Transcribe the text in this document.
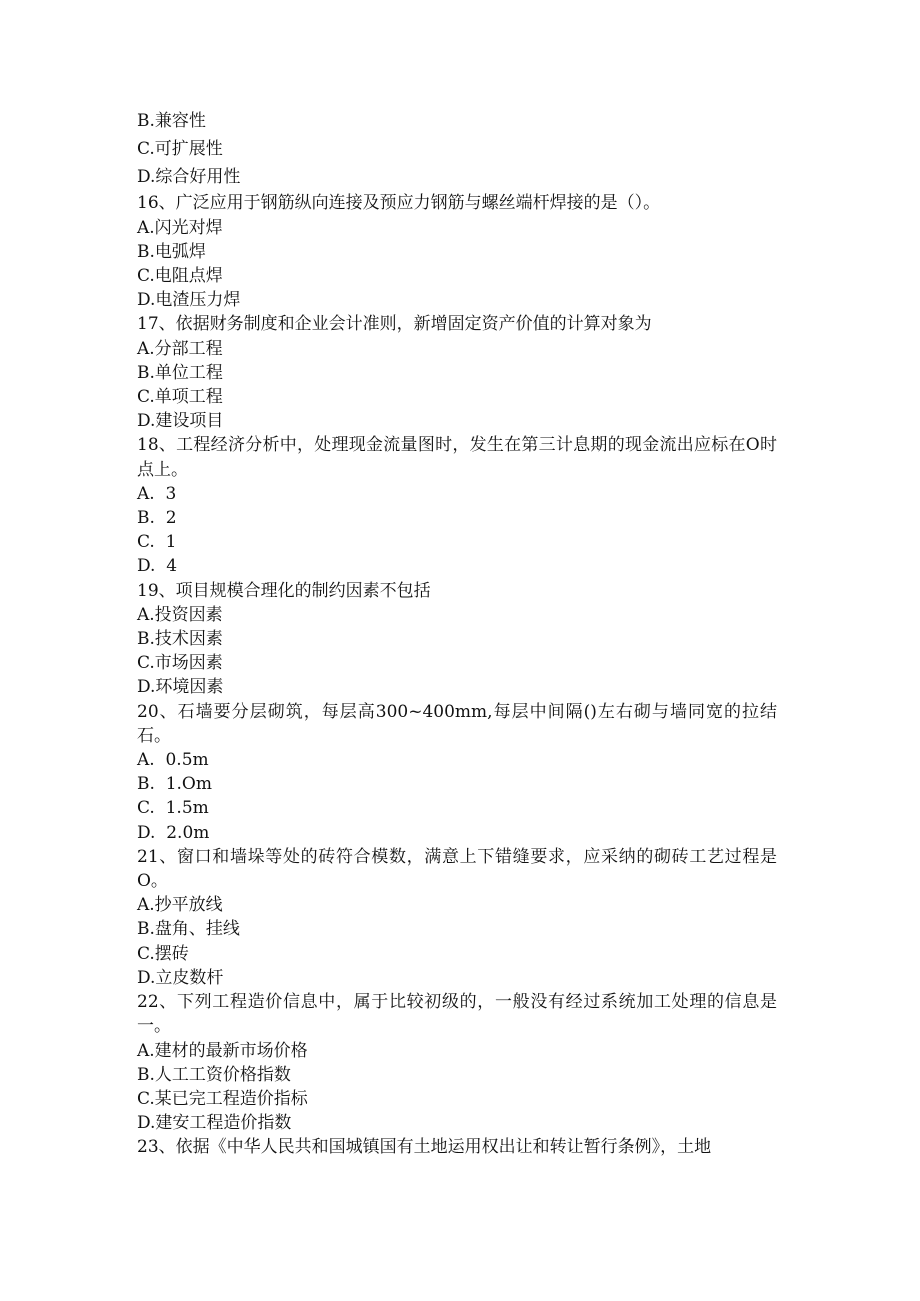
B.兼容性
C.可扩展性
D.综合好用性
16、广泛应用于钢筋纵向连接及预应力钢筋与螺丝端杆焊接的是（）。
A.闪光对焊
B.电弧焊
C.电阻点焊
D.电渣压力焊
17、依据财务制度和企业会计准则，新增固定资产价值的计算对象为
A.分部工程
B.单位工程
C.单项工程
D.建设项目
18、工程经济分析中，处理现金流量图时，发生在第三计息期的现金流出应标在O时点上。
A.  3
B.  2
C.  1
D.  4
19、项目规模合理化的制约因素不包括
A.投资因素
B.技术因素
C.市场因素
D.环境因素
20、石墙要分层砌筑，每层高300~400mm,每层中间隔()左右砌与墙同宽的拉结石。
A.  0.5m
B.  1.Om
C.  1.5m
D.  2.0m
21、窗口和墙垛等处的砖符合模数，满意上下错缝要求，应采纳的砌砖工艺过程是O。
A.抄平放线
B.盘角、挂线
C.摆砖
D.立皮数杆
22、下列工程造价信息中，属于比较初级的，一般没有经过系统加工处理的信息是一。
A.建材的最新市场价格
B.人工工资价格指数
C.某已完工程造价指标
D.建安工程造价指数
23、依据《中华人民共和国城镇国有土地运用权出让和转让暂行条例》，土地
